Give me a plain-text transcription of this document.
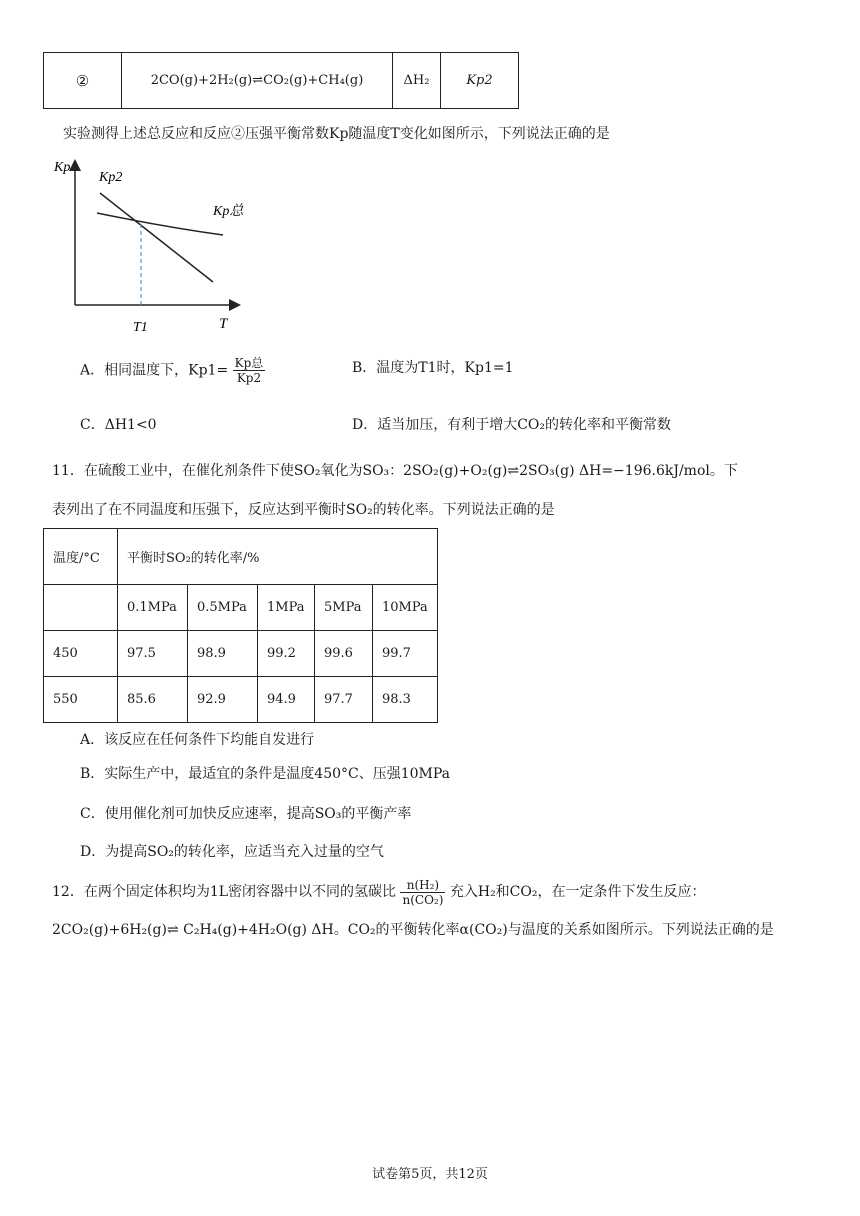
②	2CO(g)+2H₂(g)⇌CO₂(g)+CH₄(g)	ΔH₂	Kp2
实验测得上述总反应和反应②压强平衡常数Kp随温度T变化如图所示，下列说法正确的是
Kp
Kp2
Kp总
T1	T
A．相同温度下，$Kp1= \frac{\text{Kp总}}{Kp2}$	B．温度为T1时，Kp1=1
C．ΔH1<0	D．适当加压，有利于增大CO₂的转化率和平衡常数
11．在硫酸工业中，在催化剂条件下使SO₂氧化为SO₃：2SO₂(g)+O₂(g)⇌2SO₃(g) ΔH=−196.6kJ/mol。下
表列出了在不同温度和压强下，反应达到平衡时SO₂的转化率。下列说法正确的是
温度/°C	平衡时SO₂的转化率/%				
	0.1MPa	0.5MPa	1MPa	5MPa	10MPa
450	97.5	98.9	99.2	99.6	99.7
550	85.6	92.9	94.9	97.7	98.3
A．该反应在任何条件下均能自发进行
B．实际生产中，最适宜的条件是温度450°C、压强10MPa
C．使用催化剂可加快反应速率，提高SO₃的平衡产率
D．为提高SO₂的转化率，应适当充入过量的空气
12．在两个固定体积均为1L密闭容器中以不同的氢碳比 $\frac{\text{n(H₂)}}{\text{n(CO₂)}}$ 充入H₂和CO₂，在一定条件下发生反应：
2CO₂(g)+6H₂(g)⇌ C₂H₄(g)+4H₂O(g) ΔH。CO₂的平衡转化率α(CO₂)与温度的关系如图所示。下列说法正确的是
试卷第5页，共12页
